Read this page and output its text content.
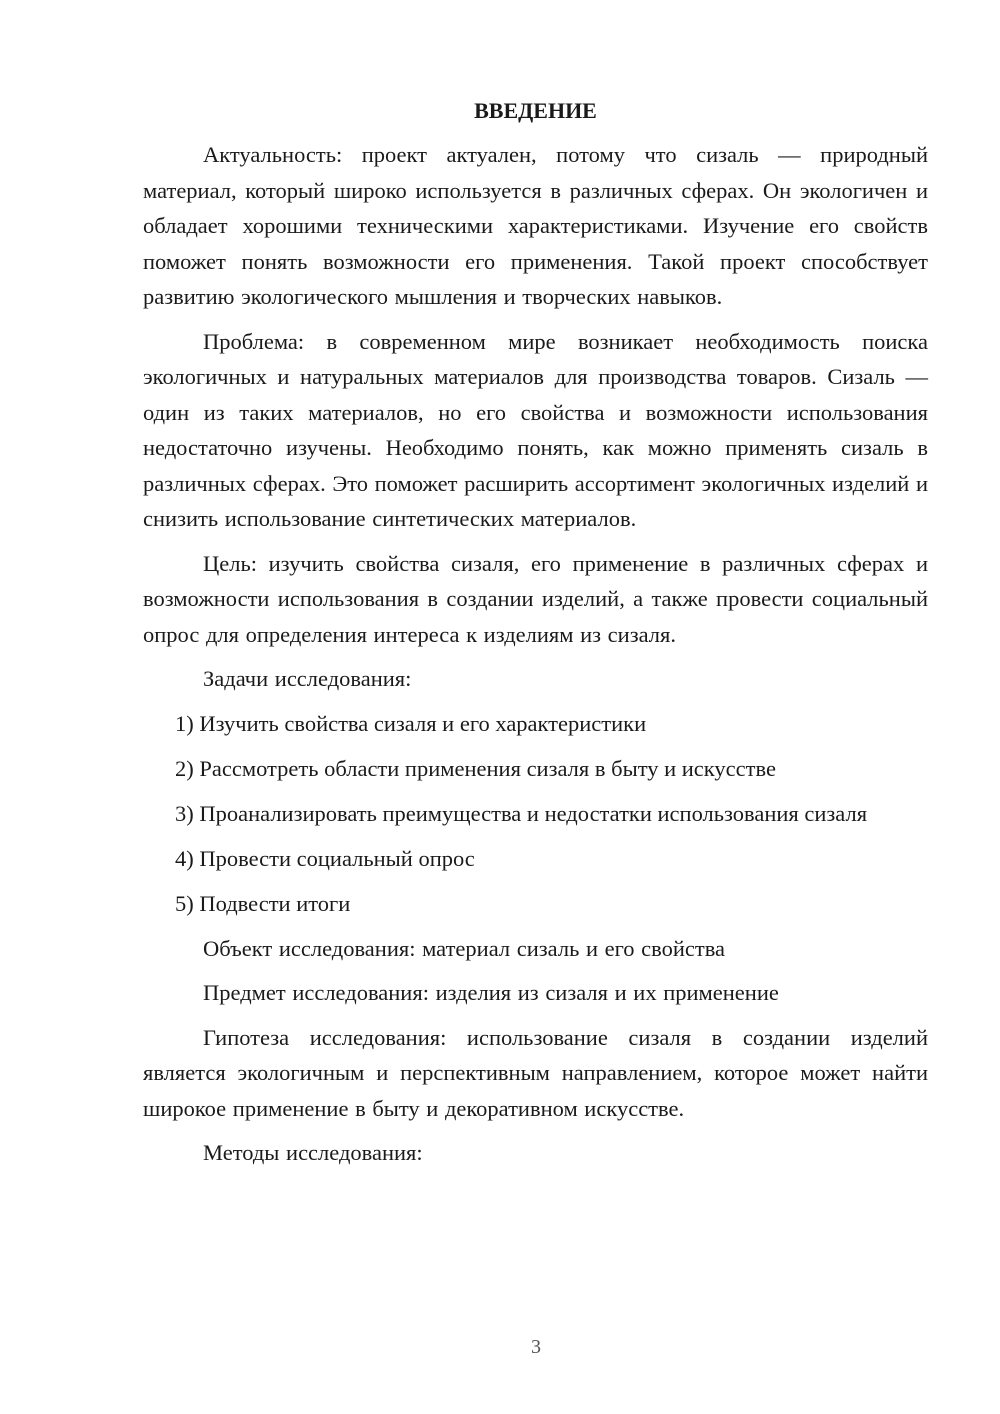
ВВЕДЕНИЕ

Актуальность: проект актуален, потому что сизаль — природный материал, который широко используется в различных сферах. Он экологичен и обладает хорошими техническими характеристиками. Изучение его свойств поможет понять возможности его применения. Такой проект способствует развитию экологического мышления и творческих навыков.

Проблема: в современном мире возникает необходимость поиска экологичных и натуральных материалов для производства товаров. Сизаль — один из таких материалов, но его свойства и возможности использования недостаточно изучены. Необходимо понять, как можно применять сизаль в различных сферах. Это поможет расширить ассортимент экологичных изделий и снизить использование синтетических материалов.

Цель: изучить свойства сизаля, его применение в различных сферах и возможности использования в создании изделий, а также провести социальный опрос для определения интереса к изделиям из сизаля.

Задачи исследования:

1) Изучить свойства сизаля и его характеристики

2) Рассмотреть области применения сизаля в быту и искусстве

3) Проанализировать преимущества и недостатки использования сизаля

4) Провести социальный опрос

5) Подвести итоги

Объект исследования: материал сизаль и его свойства

Предмет исследования: изделия из сизаля и их применение

Гипотеза исследования: использование сизаля в создании изделий является экологичным и перспективным направлением, которое может найти широкое применение в быту и декоративном искусстве.

Методы исследования:

3
